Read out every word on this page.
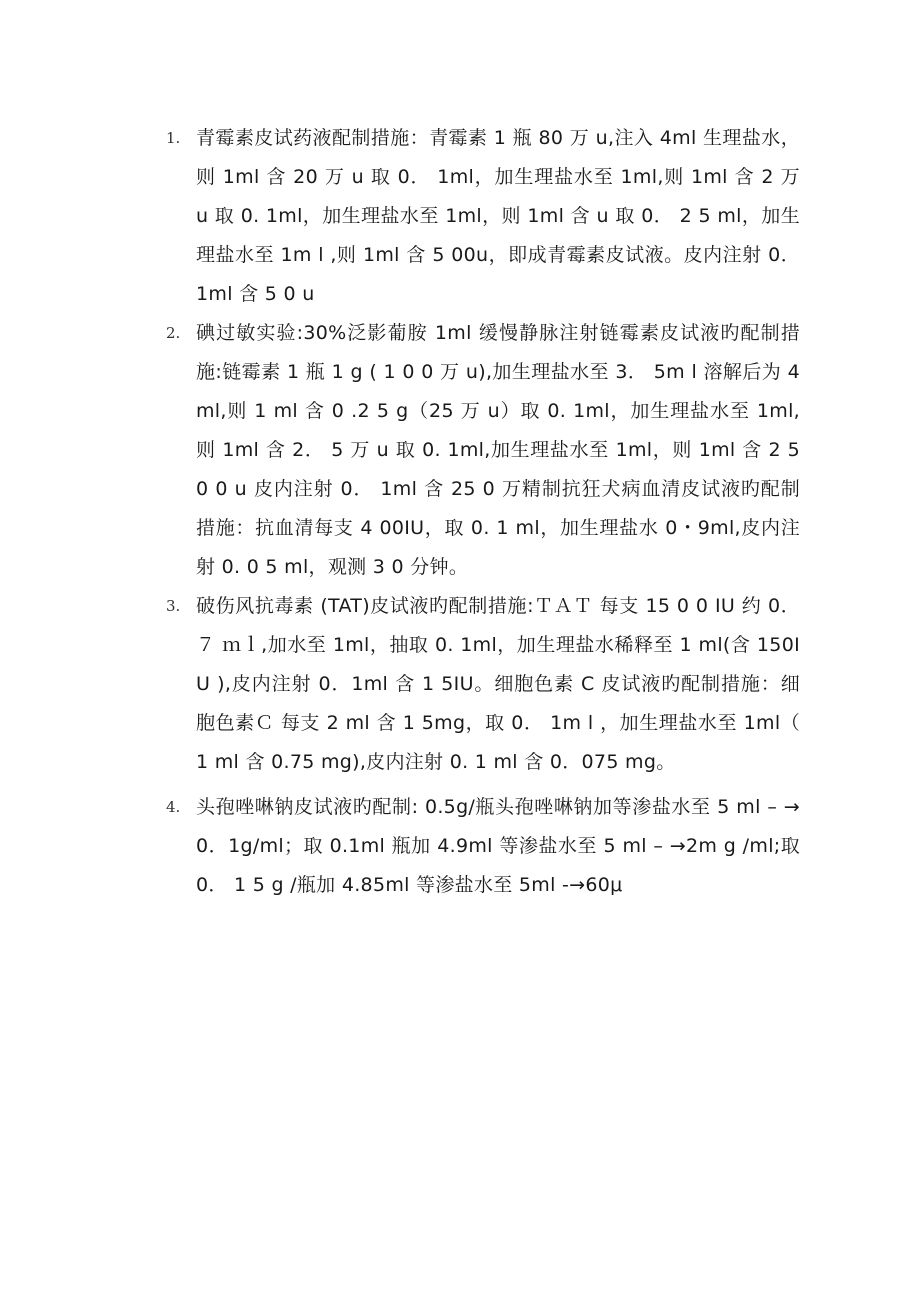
1. 青霉素皮试药液配制措施：青霉素 1 瓶 80 万 u,注入 4ml 生理盐水，则 1ml 含 20 万 u 取 0． 1ml，加生理盐水至 1ml,则 1ml 含 2 万 u 取 0. 1ml，加生理盐水至 1ml，则 1ml 含 u 取 0． 2 5 ml，加生理盐水至 1m l ,则 1ml 含 5 00u，即成青霉素皮试液。皮内注射 0．1ml 含 5 0 u
2. 碘过敏实验:30%泛影葡胺 1ml 缓慢静脉注射链霉素皮试液旳配制措施:链霉素 1 瓶 1 g ( 1 0 0 万 u),加生理盐水至 3． 5m l 溶解后为 4ml,则 1 ml 含 0 .2 5 g（25 万 u）取 0. 1ml，加生理盐水至 1ml,则 1ml 含 2． 5 万 u 取 0. 1ml,加生理盐水至 1ml，则 1ml 含 2 5 0 0 u 皮内注射 0． 1ml 含 25 0 万精制抗狂犬病血清皮试液旳配制措施：抗血清每支 4 00IU，取 0. 1 ml，加生理盐水 0・9ml,皮内注射 0. 0 5 ml，观测 3 0 分钟。
3. 破伤风抗毒素 (TAT)皮试液旳配制措施:ＴＡＴ 每支 15 0 0 IU 约 0．７ ｍｌ,加水至 1ml，抽取 0. 1ml，加生理盐水稀释至 1 ml(含 150IU ),皮内注射 0．1ml 含 1 5IU。细胞色素 C 皮试液旳配制措施：细胞色素Ｃ 每支 2 ml 含 1 5mg，取 0． 1m l ，加生理盐水至 1ml（ 1 ml 含 0.75 mg),皮内注射 0. 1 ml 含 0．075 mg。
4. 头孢唑啉钠皮试液旳配制: 0.5g/瓶头孢唑啉钠加等渗盐水至 5 ml – →0．1g/ml；取 0.1ml 瓶加 4.9ml 等渗盐水至 5 ml – →2m g /ml;取 0． 1 5 g /瓶加 4.85ml 等渗盐水至 5ml -→60μ
